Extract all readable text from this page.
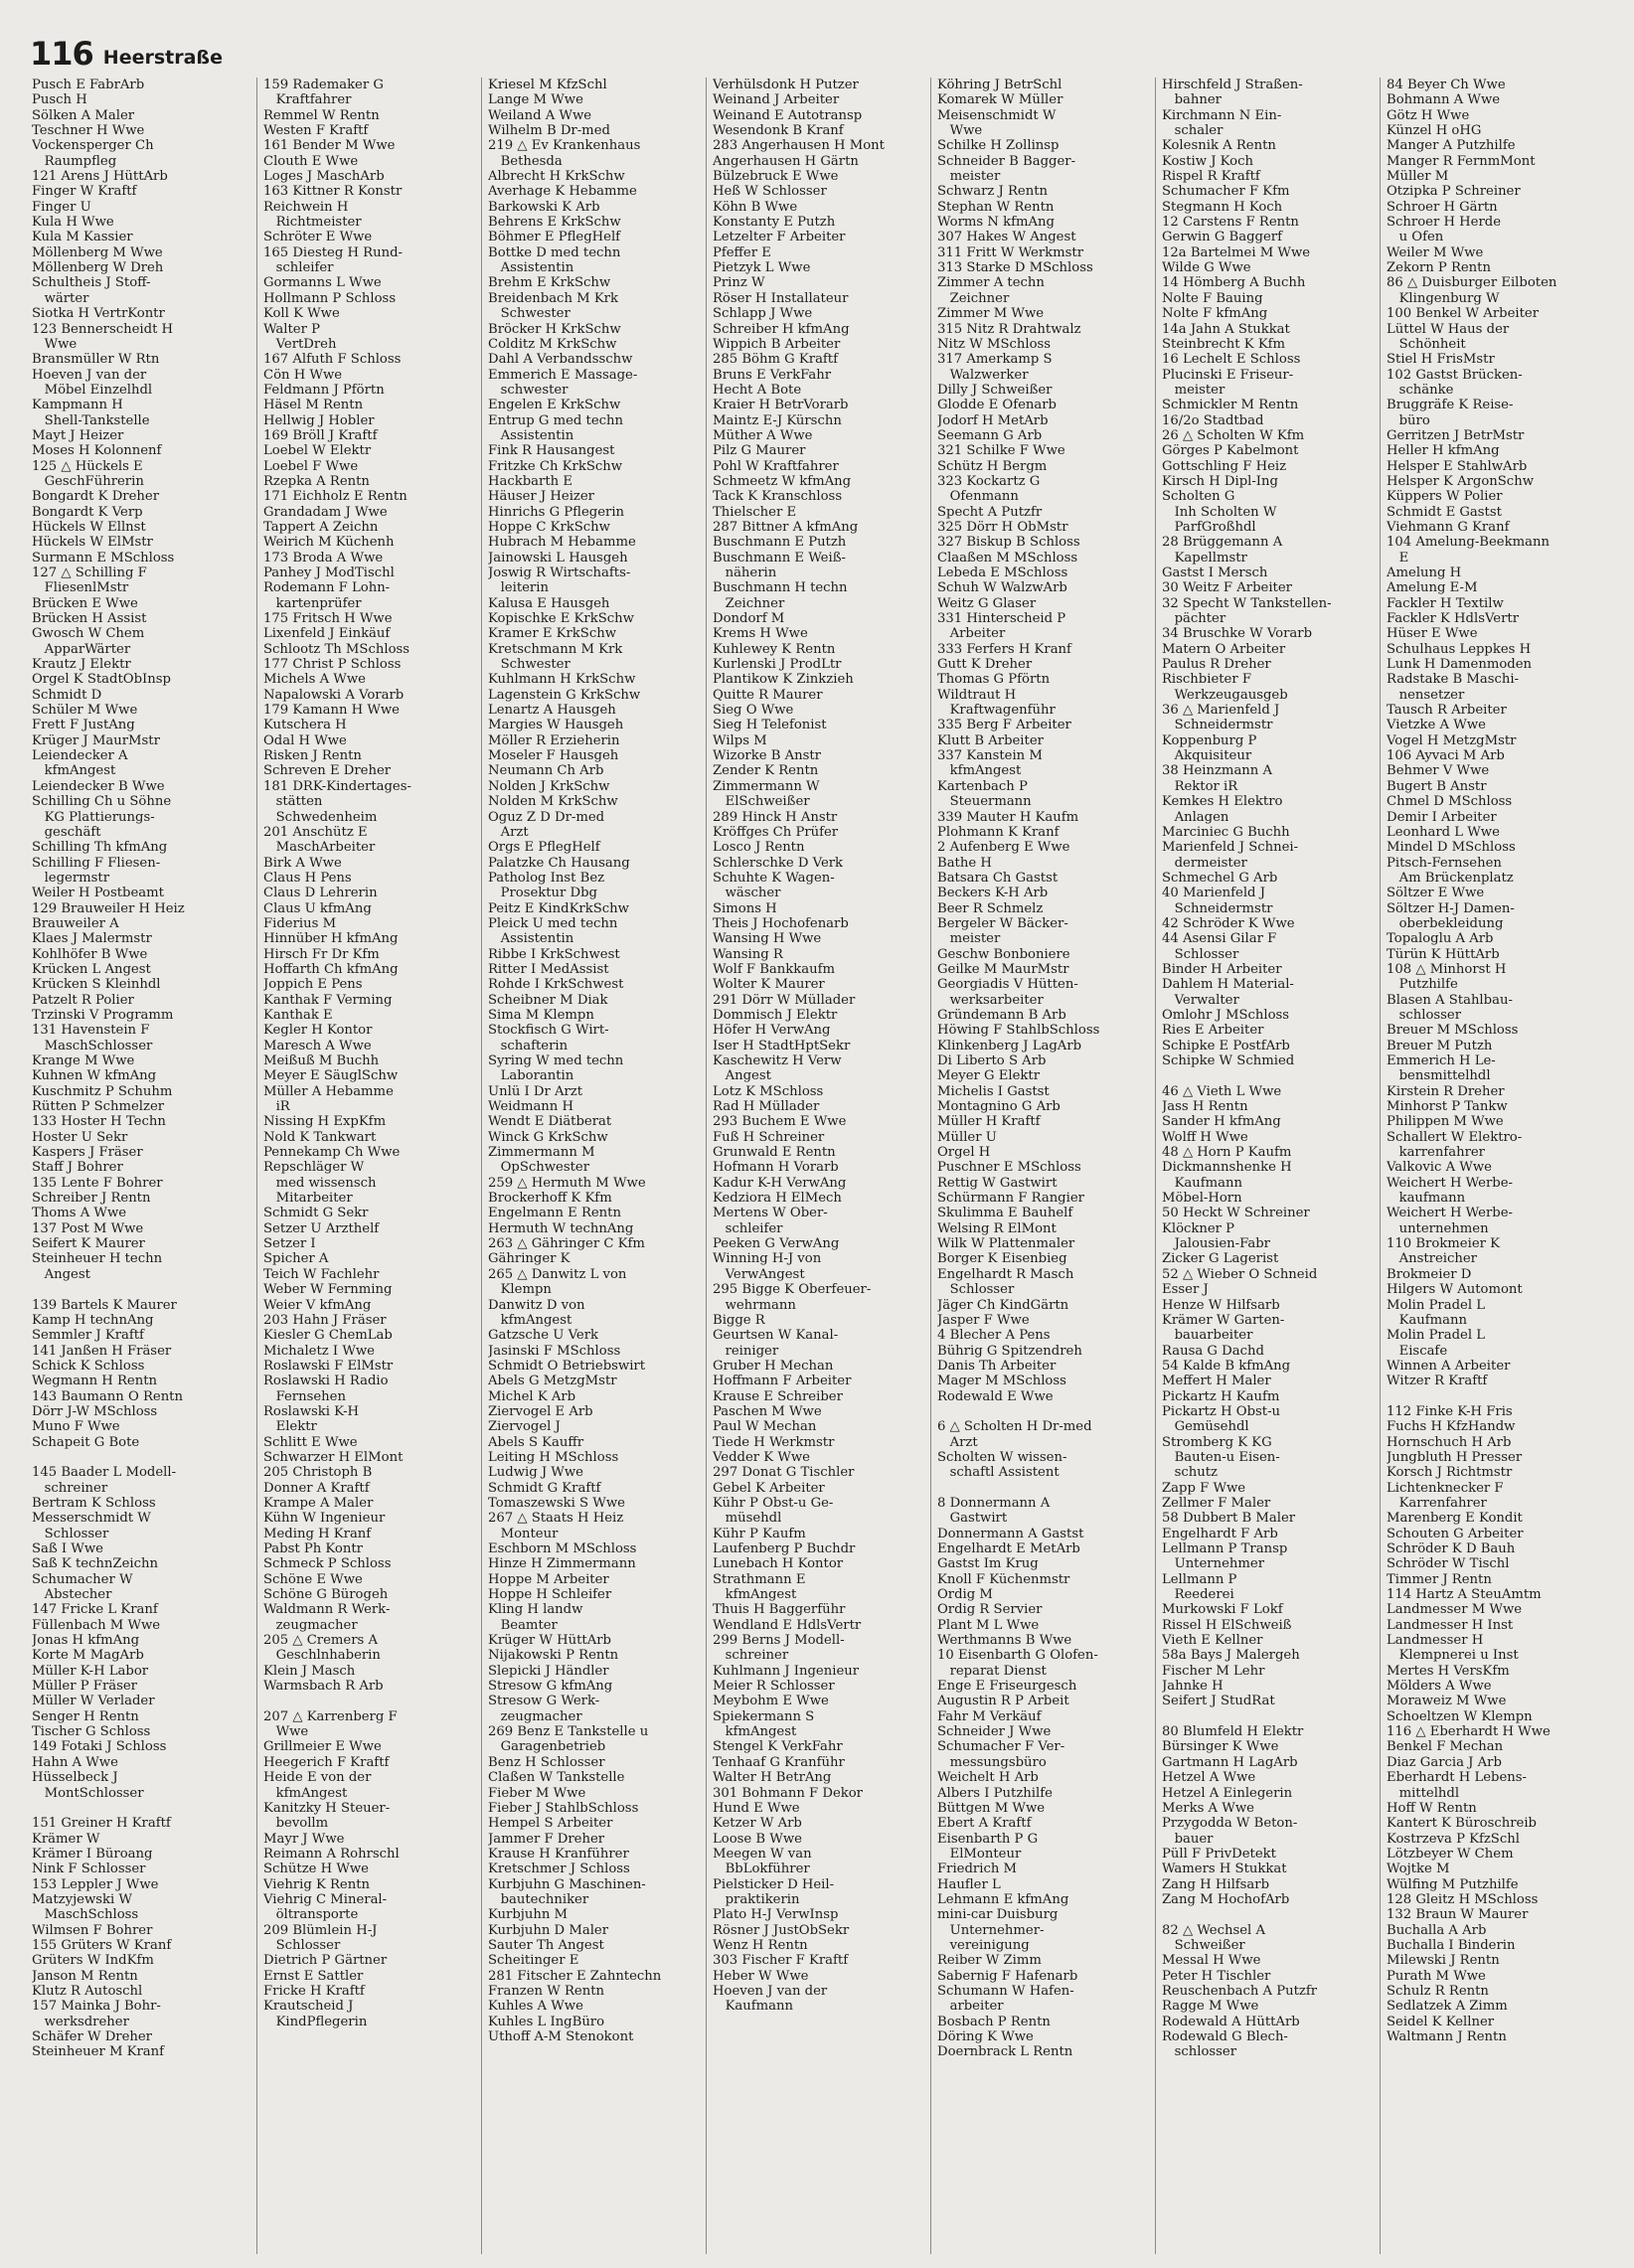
116 Heerstraße
Pusch E FabrArb
Pusch H
Sölken A Maler
Teschner H Wwe
Vockensperger Ch
Raumpfleg
121 Arens J HüttArb
Finger W Kraftf
Finger U
Kula H Wwe
Kula M Kassier
Möllenberg M Wwe
Möllenberg W Dreh
Schultheis J Stoff-
wärter
Siotka H VertrKontr
123 Bennerscheidt H
Wwe
Bransmüller W Rtn
Hoeven J van der
Möbel Einzelhdl
Kampmann H
Shell-Tankstelle
Mayt J Heizer
Moses H Kolonnenf
125 △ Hückels E
GeschFührerin
Bongardt K Dreher
Bongardt K Verp
Hückels W Ellnst
Hückels W ElMstr
Surmann E MSchloss
127 △ Schilling F
FliesenlMstr
Brücken E Wwe
Brücken H Assist
Gwosch W Chem
ApparWärter
Krautz J Elektr
Orgel K StadtObInsp
Schmidt D
Schüler M Wwe
Frett F JustAng
Krüger J MaurMstr
Leiendecker A
kfmAngest
Leiendecker B Wwe
Schilling Ch u Söhne
KG Plattierungs-
geschäft
Schilling Th kfmAng
Schilling F Fliesen-
legermstr
Weiler H Postbeamt
129 Brauweiler H Heiz
Brauweiler A
Klaes J Malermstr
Kohlhöfer B Wwe
Krücken L Angest
Krücken S Kleinhdl
Patzelt R Polier
Trzinski V Programm
131 Havenstein F
MaschSchlosser
Krange M Wwe
Kuhnen W kfmAng
Kuschmitz P Schuhm
Rütten P Schmelzer
133 Hoster H Techn
Hoster U Sekr
Kaspers J Fräser
Staff J Bohrer
135 Lente F Bohrer
Schreiber J Rentn
Thoms A Wwe
137 Post M Wwe
Seifert K Maurer
Steinheuer H techn
Angest

139 Bartels K Maurer
Kamp H technAng
Semmler J Kraftf
141 Janßen H Fräser
Schick K Schloss
Wegmann H Rentn
143 Baumann O Rentn
Dörr J-W MSchloss
Muno F Wwe
Schapeit G Bote

145 Baader L Modell-
schreiner
Bertram K Schloss
Messerschmidt W
Schlosser
Saß I Wwe
Saß K technZeichn
Schumacher W
Abstecher
147 Fricke L Kranf
Füllenbach M Wwe
Jonas H kfmAng
Korte M MagArb
Müller K-H Labor
Müller P Fräser
Müller W Verlader
Senger H Rentn
Tischer G Schloss
149 Fotaki J Schloss
Hahn A Wwe
Hüsselbeck J
MontSchlosser

151 Greiner H Kraftf
Krämer W
Krämer I Büroang
Nink F Schlosser
153 Leppler J Wwe
Matzyjewski W
MaschSchloss
Wilmsen F Bohrer
155 Grüters W Kranf
Grüters W IndKfm
Janson M Rentn
Klutz R Autoschl
157 Mainka J Bohr-
werksdreher
Schäfer W Dreher
Steinheuer M Kranf
159 Rademaker G
Kraftfahrer
Remmel W Rentn
Westen F Kraftf
161 Bender M Wwe
Clouth E Wwe
Loges J MaschArb
163 Kittner R Konstr
Reichwein H
Richtmeister
Schröter E Wwe
165 Diesteg H Rund-
schleifer
Gormanns L Wwe
Hollmann P Schloss
Koll K Wwe
Walter P
VertDreh
167 Alfuth F Schloss
Cön H Wwe
Feldmann J Pförtn
Häsel M Rentn
Hellwig J Hobler
169 Bröll J Kraftf
Loebel W Elektr
Loebel F Wwe
Rzepka A Rentn
171 Eichholz E Rentn
Grandadam J Wwe
Tappert A Zeichn
Weirich M Küchenh
173 Broda A Wwe
Panhey J ModTischl
Rodemann F Lohn-
kartenprüfer
175 Fritsch H Wwe
Lixenfeld J Einkäuf
Schlootz Th MSchloss
177 Christ P Schloss
Michels A Wwe
Napalowski A Vorarb
179 Kamann H Wwe
Kutschera H
Odal H Wwe
Risken J Rentn
Schreven E Dreher
181 DRK-Kindertages-
stätten
Schwedenheim
201 Anschütz E
MaschArbeiter
Birk A Wwe
Claus H Pens
Claus D Lehrerin
Claus U kfmAng
Fiderius M
Hinnüber H kfmAng
Hirsch Fr Dr Kfm
Hoffarth Ch kfmAng
Joppich E Pens
Kanthak F Verming
Kanthak E
Kegler H Kontor
Maresch A Wwe
Meißuß M Buchh
Meyer E SäuglSchw
Müller A Hebamme
iR
Nissing H ExpKfm
Nold K Tankwart
Pennekamp Ch Wwe
Repschläger W
med wissensch
Mitarbeiter
Schmidt G Sekr
Setzer U Arzthelf
Setzer I
Spicher A
Teich W Fachlehr
Weber W Fernming
Weier V kfmAng
203 Hahn J Fräser
Kiesler G ChemLab
Michaletz I Wwe
Roslawski F ElMstr
Roslawski H Radio
Fernsehen
Roslawski K-H
Elektr
Schlitt E Wwe
Schwarzer H ElMont
205 Christoph B
Donner A Kraftf
Krampe A Maler
Kühn W Ingenieur
Meding H Kranf
Pabst Ph Kontr
Schmeck P Schloss
Schöne E Wwe
Schöne G Bürogeh
Waldmann R Werk-
zeugmacher
205 △ Cremers A
Geschlnhaberin
Klein J Masch
Warmsbach R Arb

207 △ Karrenberg F
Wwe
Grillmeier E Wwe
Heegerich F Kraftf
Heide E von der
kfmAngest
Kanitzky H Steuer-
bevollm
Mayr J Wwe
Reimann A Rohrschl
Schütze H Wwe
Viehrig K Rentn
Viehrig C Mineral-
öltransporte
209 Blümlein H-J
Schlosser
Dietrich P Gärtner
Ernst E Sattler
Fricke H Kraftf
Krautscheid J
KindPflegerin
Kriesel M KfzSchl
Lange M Wwe
Weiland A Wwe
Wilhelm B Dr-med
219 △ Ev Krankenhaus
Bethesda
Albrecht H KrkSchw
Averhage K Hebamme
Barkowski K Arb
Behrens E KrkSchw
Böhmer E PflegHelf
Bottke D med techn
Assistentin
Brehm E KrkSchw
Breidenbach M Krk
Schwester
Bröcker H KrkSchw
Colditz M KrkSchw
Dahl A Verbandsschw
Emmerich E Massage-
schwester
Engelen E KrkSchw
Entrup G med techn
Assistentin
Fink R Hausangest
Fritzke Ch KrkSchw
Hackbarth E
Häuser J Heizer
Hinrichs G Pflegerin
Hoppe C KrkSchw
Hubrach M Hebamme
Jainowski L Hausgeh
Joswig R Wirtschafts-
leiterin
Kalusa E Hausgeh
Kopischke E KrkSchw
Kramer E KrkSchw
Kretschmann M Krk
Schwester
Kuhlmann H KrkSchw
Lagenstein G KrkSchw
Lenartz A Hausgeh
Margies W Hausgeh
Möller R Erzieherin
Moseler F Hausgeh
Neumann Ch Arb
Nolden J KrkSchw
Nolden M KrkSchw
Oguz Z D Dr-med
Arzt
Orgs E PflegHelf
Palatzke Ch Hausang
Patholog Inst Bez
Prosektur Dbg
Peitz E KindKrkSchw
Pleick U med techn
Assistentin
Ribbe I KrkSchwest
Ritter I MedAssist
Rohde I KrkSchwest
Scheibner M Diak
Sima M Klempn
Stockfisch G Wirt-
schafterin
Syring W med techn
Laborantin
Unlü I Dr Arzt
Weidmann H
Wendt E Diätberat
Winck G KrkSchw
Zimmermann M
OpSchwester
259 △ Hermuth M Wwe
Brockerhoff K Kfm
Engelmann E Rentn
Hermuth W technAng
263 △ Gähringer C Kfm
Gähringer K
265 △ Danwitz L von
Klempn
Danwitz D von
kfmAngest
Gatzsche U Verk
Jasinski F MSchloss
Schmidt O Betriebswirt
Abels G MetzgMstr
Michel K Arb
Ziervogel E Arb
Ziervogel J
Abels S Kauffr
Leiting H MSchloss
Ludwig J Wwe
Schmidt G Kraftf
Tomaszewski S Wwe
267 △ Staats H Heiz
Monteur
Eschborn M MSchloss
Hinze H Zimmermann
Hoppe M Arbeiter
Hoppe H Schleifer
Kling H landw
Beamter
Krüger W HüttArb
Nijakowski P Rentn
Slepicki J Händler
Stresow G kfmAng
Stresow G Werk-
zeugmacher
269 Benz E Tankstelle u
Garagenbetrieb
Benz H Schlosser
Claßen W Tankstelle
Fieber M Wwe
Fieber J StahlbSchloss
Hempel S Arbeiter
Jammer F Dreher
Krause H Kranführer
Kretschmer J Schloss
Kurbjuhn G Maschinen-
bautechniker
Kurbjuhn M
Kurbjuhn D Maler
Sauter Th Angest
Scheitinger E
281 Fitscher E Zahntechn
Franzen W Rentn
Kuhles A Wwe
Kuhles L IngBüro
Uthoff A-M Stenokont
Verhülsdonk H Putzer
Weinand J Arbeiter
Weinand E Autotransp
Wesendonk B Kranf
283 Angerhausen H Mont
Angerhausen H Gärtn
Bülzebruck E Wwe
Heß W Schlosser
Köhn B Wwe
Konstanty E Putzh
Letzelter F Arbeiter
Pfeffer E
Pietzyk L Wwe
Prinz W
Röser H Installateur
Schlapp J Wwe
Schreiber H kfmAng
Wippich B Arbeiter
285 Böhm G Kraftf
Bruns E VerkFahr
Hecht A Bote
Kraier H BetrVorarb
Maintz E-J Kürschn
Müther A Wwe
Pilz G Maurer
Pohl W Kraftfahrer
Schmeetz W kfmAng
Tack K Kranschloss
Thielscher E
287 Bittner A kfmAng
Buschmann E Putzh
Buschmann E Weiß-
näherin
Buschmann H techn
Zeichner
Dondorf M
Krems H Wwe
Kuhlewey K Rentn
Kurlenski J ProdLtr
Plantikow K Zinkzieh
Quitte R Maurer
Sieg O Wwe
Sieg H Telefonist
Wilps M
Wizorke B Anstr
Zender K Rentn
Zimmermann W
ElSchweißer
289 Hinck H Anstr
Kröffges Ch Prüfer
Losco J Rentn
Schlerschke D Verk
Schuhte K Wagen-
wäscher
Simons H
Theis J Hochofenarb
Wansing H Wwe
Wansing R
Wolf F Bankkaufm
Wolter K Maurer
291 Dörr W Müllader
Dommisch J Elektr
Höfer H VerwAng
Iser H StadtHptSekr
Kaschewitz H Verw
Angest
Lotz K MSchloss
Rad H Müllader
293 Buchem E Wwe
Fuß H Schreiner
Grunwald E Rentn
Hofmann H Vorarb
Kadur K-H VerwAng
Kedziora H ElMech
Mertens W Ober-
schleifer
Peeken G VerwAng
Winning H-J von
VerwAngest
295 Bigge K Oberfeuer-
wehrmann
Bigge R
Geurtsen W Kanal-
reiniger
Gruber H Mechan
Hoffmann F Arbeiter
Krause E Schreiber
Paschen M Wwe
Paul W Mechan
Tiede H Werkmstr
Vedder K Wwe
297 Donat G Tischler
Gebel K Arbeiter
Kühr P Obst-u Ge-
müsehdl
Kühr P Kaufm
Laufenberg P Buchdr
Lunebach H Kontor
Strathmann E
kfmAngest
Thuis H Baggerführ
Wendland E HdlsVertr
299 Berns J Modell-
schreiner
Kuhlmann J Ingenieur
Meier R Schlosser
Meybohm E Wwe
Spiekermann S
kfmAngest
Stengel K VerkFahr
Tenhaaf G Kranführ
Walter H BetrAng
301 Bohmann F Dekor
Hund E Wwe
Ketzer W Arb
Loose B Wwe
Meegen W van
BbLokführer
Pielsticker D Heil-
praktikerin
Plato H-J VerwInsp
Rösner J JustObSekr
Wenz H Rentn
303 Fischer F Kraftf
Heber W Wwe
Hoeven J van der
Kaufmann
Köhring J BetrSchl
Komarek W Müller
Meisenschmidt W
Wwe
Schilke H Zollinsp
Schneider B Bagger-
meister
Schwarz J Rentn
Stephan W Rentn
Worms N kfmAng
307 Hakes W Angest
311 Fritt W Werkmstr
313 Starke D MSchloss
Zimmer A techn
Zeichner
Zimmer M Wwe
315 Nitz R Drahtwalz
Nitz W MSchloss
317 Amerkamp S
Walzwerker
Dilly J Schweißer
Glodde E Ofenarb
Jodorf H MetArb
Seemann G Arb
321 Schilke F Wwe
Schütz H Bergm
323 Kockartz G
Ofenmann
Specht A Putzfr
325 Dörr H ObMstr
327 Biskup B Schloss
Claaßen M MSchloss
Lebeda E MSchloss
Schuh W WalzwArb
Weitz G Glaser
331 Hinterscheid P
Arbeiter
333 Ferfers H Kranf
Gutt K Dreher
Thomas G Pförtn
Wildtraut H
Kraftwagenführ
335 Berg F Arbeiter
Klutt B Arbeiter
337 Kanstein M
kfmAngest
Kartenbach P
Steuermann
339 Mauter H Kaufm
Plohmann K Kranf
2 Aufenberg E Wwe
Bathe H
Batsara Ch Gastst
Beckers K-H Arb
Beer R Schmelz
Bergeler W Bäcker-
meister
Geschw Bonboniere
Geilke M MaurMstr
Georgiadis V Hütten-
werksarbeiter
Gründemann B Arb
Höwing F StahlbSchloss
Klinkenberg J LagArb
Di Liberto S Arb
Meyer G Elektr
Michelis I Gastst
Montagnino G Arb
Müller H Kraftf
Müller U
Orgel H
Puschner E MSchloss
Rettig W Gastwirt
Schürmann F Rangier
Skulimma E Bauhelf
Welsing R ElMont
Wilk W Plattenmaler
Borger K Eisenbieg
Engelhardt R Masch
Schlosser
Jäger Ch KindGärtn
Jasper F Wwe
4 Blecher A Pens
Bührig G Spitzendreh
Danis Th Arbeiter
Mager M MSchloss
Rodewald E Wwe

6 △ Scholten H Dr-med
Arzt
Scholten W wissen-
schaftl Assistent

8 Donnermann A
Gastwirt
Donnermann A Gastst
Engelhardt E MetArb
Gastst Im Krug
Knoll F Küchenmstr
Ordig M
Ordig R Servier
Plant M L Wwe
Werthmanns B Wwe
10 Eisenbarth G Ölofen-
reparat Dienst
Enge E Friseurgesch
Augustin R P Arbeit
Fahr M Verkäuf
Schneider J Wwe
Schumacher F Ver-
messungsbüro
Weichelt H Arb
Albers I Putzhilfe
Büttgen M Wwe
Ebert A Kraftf
Eisenbarth P G
ElMonteur
Friedrich M
Haufler L
Lehmann E kfmAng
mini-car Duisburg
Unternehmer-
vereinigung
Reiber W Zimm
Sabernig F Hafenarb
Schumann W Hafen-
arbeiter
Bosbach P Rentn
Döring K Wwe
Doernbrack L Rentn
Hirschfeld J Straßen-
bahner
Kirchmann N Ein-
schaler
Kolesnik A Rentn
Kostiw J Koch
Rispel R Kraftf
Schumacher F Kfm
Stegmann H Koch
12 Carstens F Rentn
Gerwin G Baggerf
12a Bartelmei M Wwe
Wilde G Wwe
14 Hömberg A Buchh
Nolte F Bauing
Nolte F kfmAng
14a Jahn A Stukkat
Steinbrecht K Kfm
16 Lechelt E Schloss
Plucinski E Friseur-
meister
Schmickler M Rentn
16/2o Stadtbad
26 △ Scholten W Kfm
Görges P Kabelmont
Gottschling F Heiz
Kirsch H Dipl-Ing
Scholten G
Inh Scholten W
ParfGroßhdl
28 Brüggemann A
Kapellmstr
Gastst I Mersch
30 Weitz F Arbeiter
32 Specht W Tankstellen-
pächter
34 Bruschke W Vorarb
Matern O Arbeiter
Paulus R Dreher
Rischbieter F
Werkzeugausgeb
36 △ Marienfeld J
Schneidermstr
Koppenburg P
Akquisiteur
38 Heinzmann A
Rektor iR
Kemkes H Elektro
Anlagen
Marciniec G Buchh
Marienfeld J Schnei-
dermeister
Schmechel G Arb
40 Marienfeld J
Schneidermstr
42 Schröder K Wwe
44 Asensi Gilar F
Schlosser
Binder H Arbeiter
Dahlem H Material-
Verwalter
Omlohr J MSchloss
Ries E Arbeiter
Schipke E PostfArb
Schipke W Schmied

46 △ Vieth L Wwe
Jass H Rentn
Sander H kfmAng
Wolff H Wwe
48 △ Horn P Kaufm
Dickmannshenke H
Kaufmann
Möbel-Horn
50 Heckt W Schreiner
Klöckner P
Jalousien-Fabr
Zicker G Lagerist
52 △ Wieber O Schneid
Esser J
Henze W Hilfsarb
Krämer W Garten-
bauarbeiter
Rausa G Dachd
54 Kalde B kfmAng
Meffert H Maler
Pickartz H Kaufm
Pickartz H Obst-u
Gemüsehdl
Stromberg K KG
Bauten-u Eisen-
schutz
Zapp F Wwe
Zellmer F Maler
58 Dubbert B Maler
Engelhardt F Arb
Lellmann P Transp
Unternehmer
Lellmann P
Reederei
Murkowski F Lokf
Rissel H ElSchweiß
Vieth E Kellner
58a Bays J Malergeh
Fischer M Lehr
Jahnke H
Seifert J StudRat

80 Blumfeld H Elektr
Bürsinger K Wwe
Gartmann H LagArb
Hetzel A Wwe
Hetzel A Einlegerin
Merks A Wwe
Przygodda W Beton-
bauer
Püll F PrivDetekt
Wamers H Stukkat
Zang H Hilfsarb
Zang M HochofArb

82 △ Wechsel A
Schweißer
Messal H Wwe
Peter H Tischler
Reuschenbach A Putzfr
Ragge M Wwe
Rodewald A HüttArb
Rodewald G Blech-
schlosser
84 Beyer Ch Wwe
Bohmann A Wwe
Götz H Wwe
Künzel H oHG
Manger A Putzhilfe
Manger R FernmMont
Müller M
Otzipka P Schreiner
Schroer H Gärtn
Schroer H Herde
u Öfen
Weiler M Wwe
Zekorn P Rentn
86 △ Duisburger Eilboten
Klingenburg W
100 Benkel W Arbeiter
Lüttel W Haus der
Schönheit
Stiel H FrisMstr
102 Gastst Brücken-
schänke
Bruggräfe K Reise-
büro
Gerritzen J BetrMstr
Heller H kfmAng
Helsper E StahlwArb
Helsper K ArgonSchw
Küppers W Polier
Schmidt E Gastst
Viehmann G Kranf
104 Amelung-Beekmann
E
Amelung H
Amelung E-M
Fackler H Textilw
Fackler K HdlsVertr
Hüser E Wwe
Schulhaus Leppkes H
Lunk H Damenmoden
Radstake B Maschi-
nensetzer
Tausch R Arbeiter
Vietzke A Wwe
Vogel H MetzgMstr
106 Ayvaci M Arb
Behmer V Wwe
Bugert B Anstr
Chmel D MSchloss
Demir I Arbeiter
Leonhard L Wwe
Mindel D MSchloss
Pitsch-Fernsehen
Am Brückenplatz
Söltzer E Wwe
Söltzer H-J Damen-
oberbekleidung
Topaloglu A Arb
Türün K HüttArb
108 △ Minhorst H
Putzhilfe
Blasen A Stahlbau-
schlosser
Breuer M MSchloss
Breuer M Putzh
Emmerich H Le-
bensmittelhdl
Kirstein R Dreher
Minhorst P Tankw
Philippen M Wwe
Schallert W Elektro-
karrenfahrer
Valkovic A Wwe
Weichert H Werbe-
kaufmann
Weichert H Werbe-
unternehmen
110 Brokmeier K
Anstreicher
Brokmeier D
Hilgers W Automont
Molin Pradel L
Kaufmann
Molin Pradel L
Eiscafe
Winnen A Arbeiter
Witzer R Kraftf

112 Finke K-H Fris
Fuchs H KfzHandw
Hornschuch H Arb
Jungbluth H Presser
Korsch J Richtmstr
Lichtenknecker F
Karrenfahrer
Marenberg E Kondit
Schouten G Arbeiter
Schröder K D Bauh
Schröder W Tischl
Timmer J Rentn
114 Hartz A SteuAmtm
Landmesser M Wwe
Landmesser H Inst
Landmesser H
Klempnerei u Inst
Mertes H VersKfm
Mölders A Wwe
Moraweiz M Wwe
Schoeltzen W Klempn
116 △ Eberhardt H Wwe
Benkel F Mechan
Diaz Garcia J Arb
Eberhardt H Lebens-
mittelhdl
Hoff W Rentn
Kantert K Büroschreib
Kostrzeva P KfzSchl
Lötzbeyer W Chem
Wojtke M
Wülfing M Putzhilfe
128 Gleitz H MSchloss
132 Braun W Maurer
Buchalla A Arb
Buchalla I Binderin
Milewski J Rentn
Purath M Wwe
Schulz R Rentn
Sedlatzek A Zimm
Seidel K Kellner
Waltmann J Rentn
